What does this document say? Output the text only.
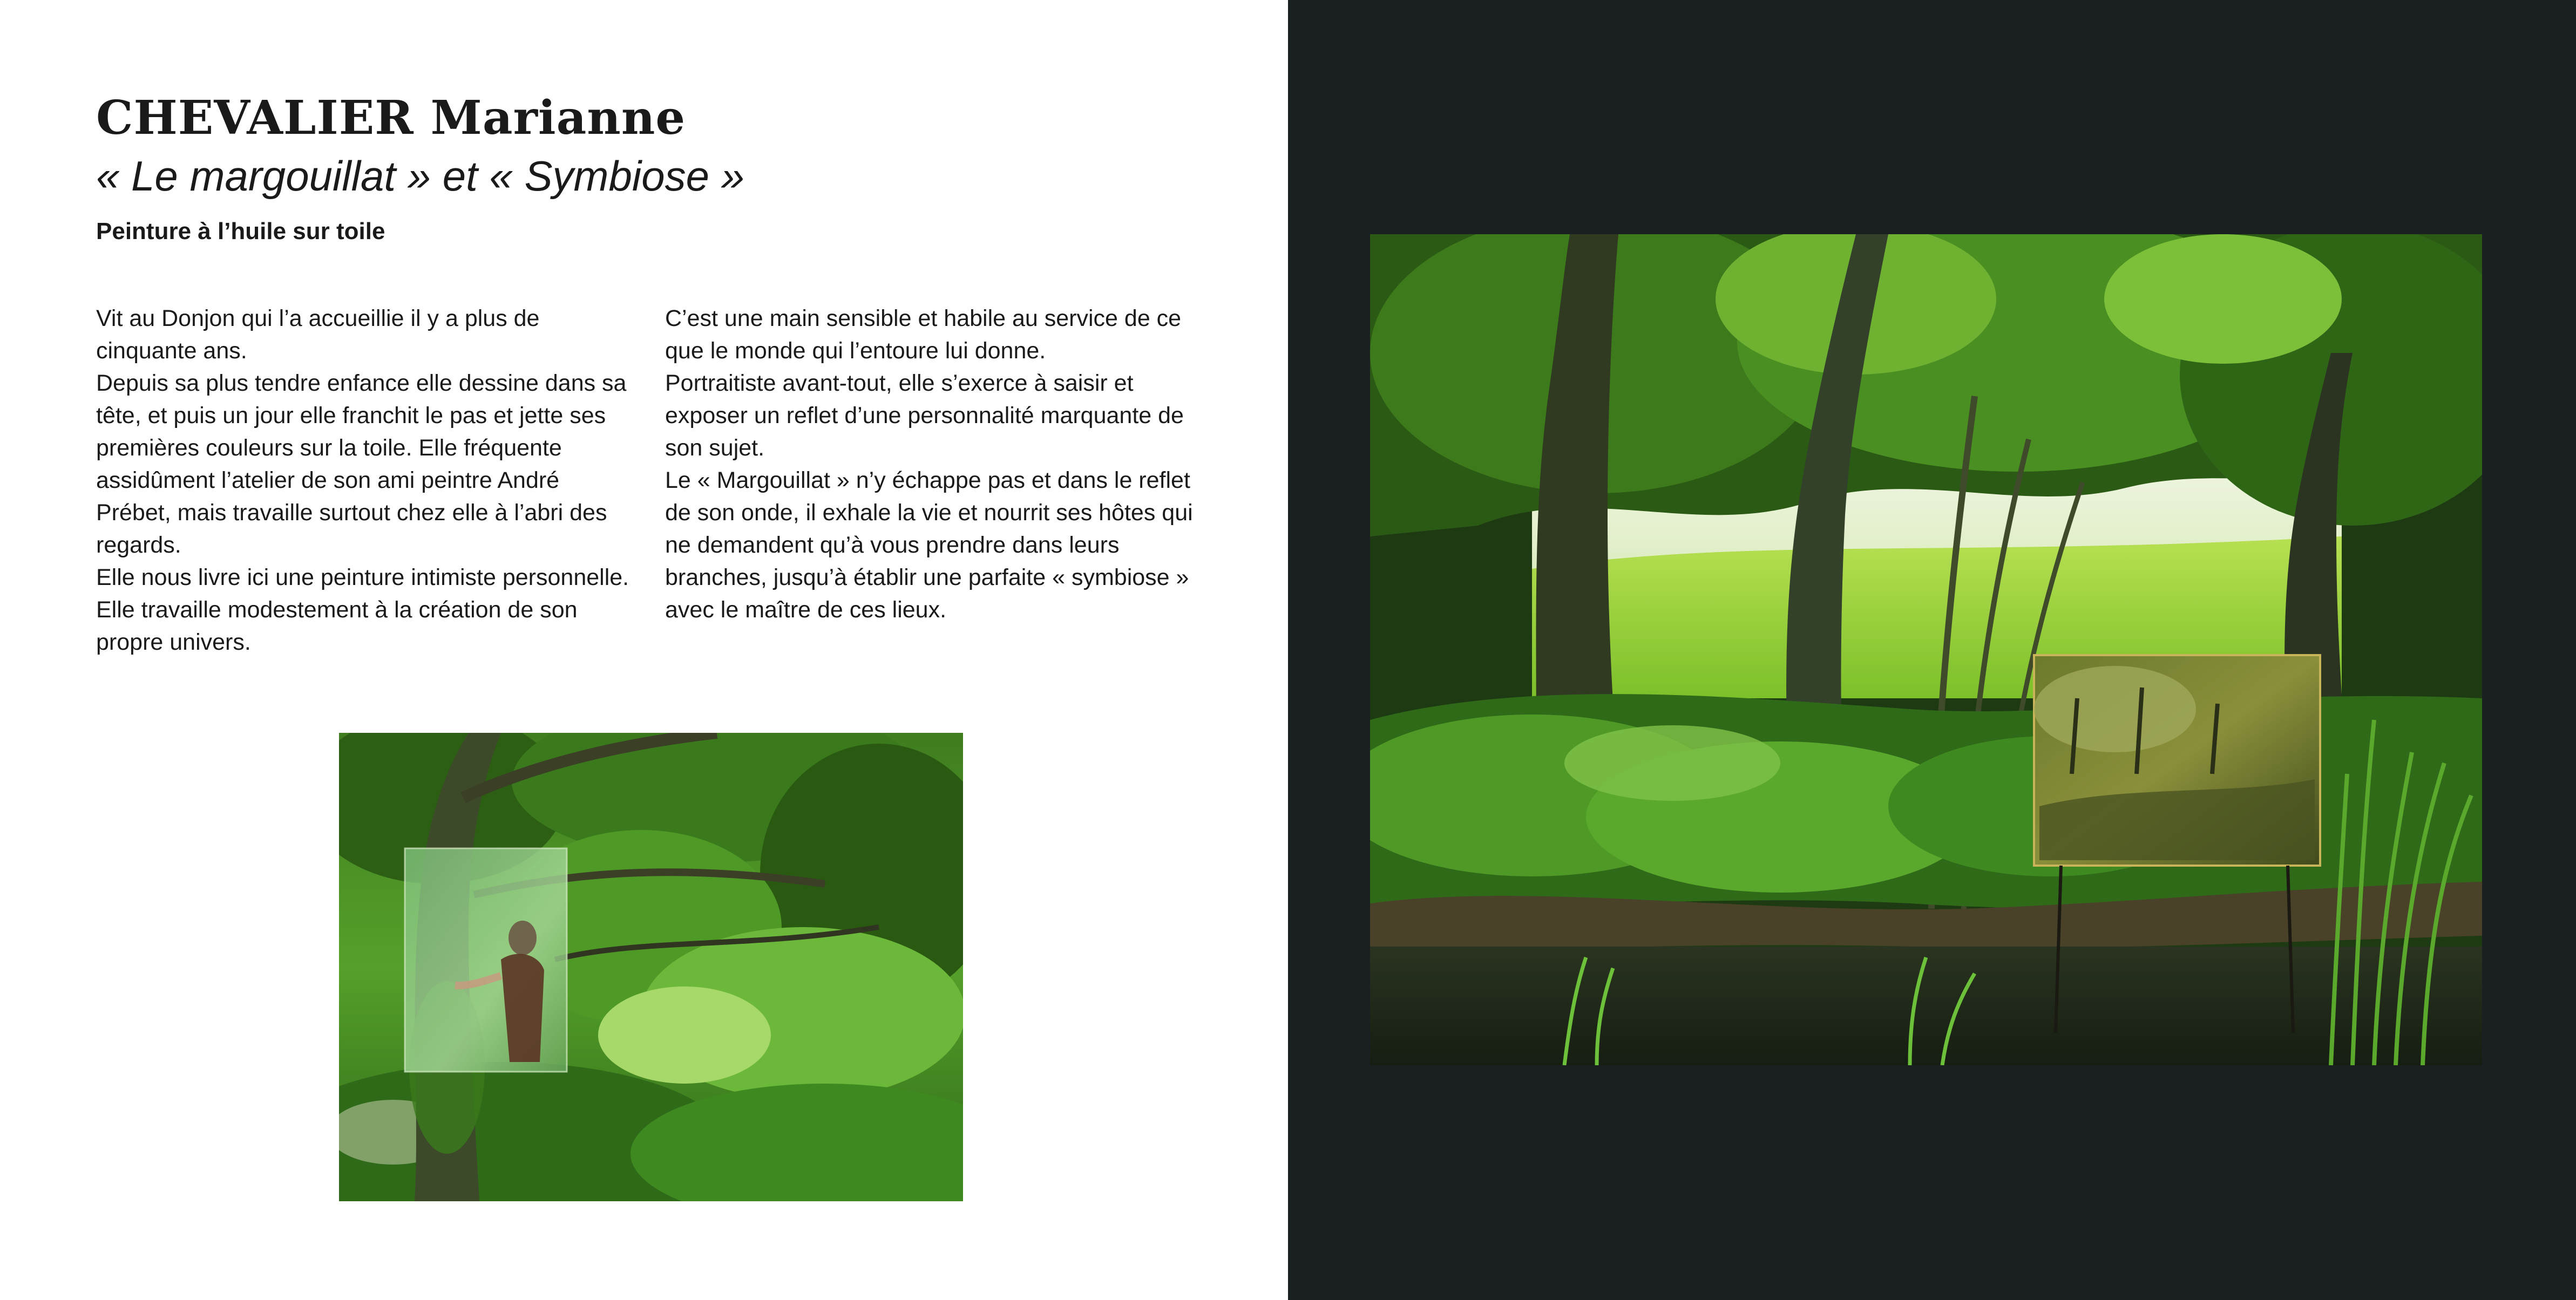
CHEVALIER Marianne
« Le margouillat » et « Symbiose »
Peinture à l’huile sur toile

Vit au Donjon qui l’a accueillie il y a plus de cinquante ans.

Depuis sa plus tendre enfance elle dessine dans sa tête, et puis un jour elle franchit le pas et jette ses premières couleurs sur la toile. Elle fréquente assidûment l’atelier de son ami peintre André Prébet, mais travaille surtout chez elle à l’abri des regards.

Elle nous livre ici une peinture intimiste personnelle. Elle travaille modestement à la création de son propre univers.

C’est une main sensible et habile au service de ce que le monde qui l’entoure lui donne.

Portraitiste avant-tout, elle s’exerce à saisir et exposer un reflet d’une personnalité marquante de son sujet.

Le « Margouillat » n’y échappe pas et dans le reflet de son onde, il exhale la vie et nourrit ses hôtes qui ne demandent qu’à vous prendre dans leurs branches, jusqu’à établir une parfaite « symbiose » avec le maître de ces lieux.
